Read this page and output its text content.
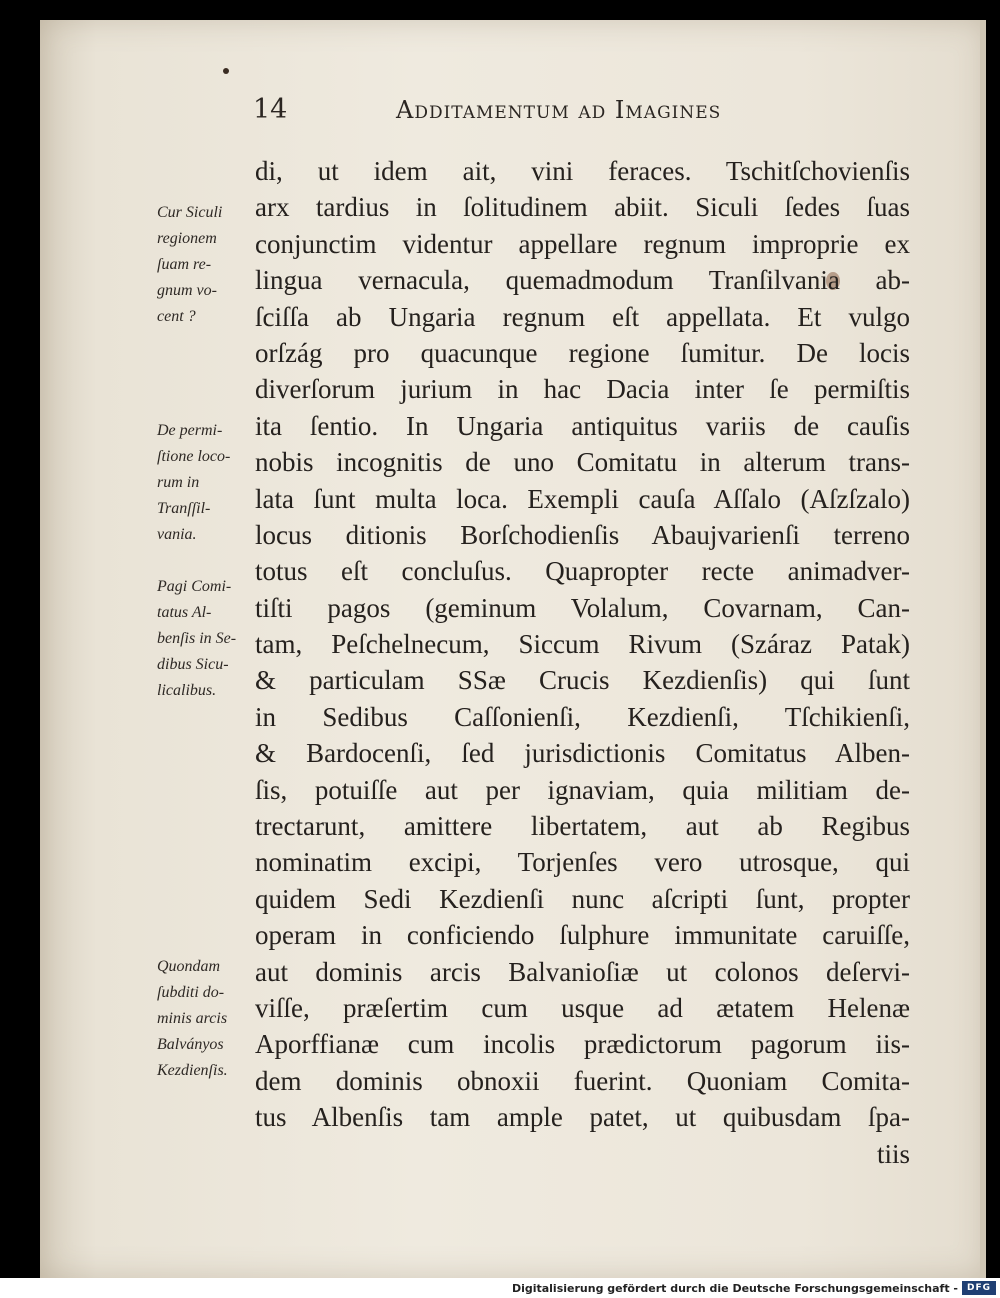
14	Additamentum ad Imagines
Cur Siculi
regionem
ſuam re-
gnum vo-
cent ?
De permi-
ſtione loco-
rum in
Tranſſil-
vania.
Pagi Comi-
tatus Al-
benſis in Se-
dibus Sicu-
licalibus.
Quondam
ſubditi do-
minis arcis
Balványos
Kezdienſis.
di, ut idem ait, vini feraces. Tschitſchovienſis
arx tardius in ſolitudinem abiit. Siculi ſedes ſuas
conjunctim videntur appellare regnum improprie ex
lingua vernacula, quemadmodum Tranſilvania ab-
ſciſſa ab Ungaria regnum eſt appellata. Et vulgo
orſzág pro quacunque regione ſumitur. De locis
diverſorum jurium in hac Dacia inter ſe permiſtis
ita ſentio. In Ungaria antiquitus variis de cauſis
nobis incognitis de uno Comitatu in alterum trans-
lata ſunt multa loca. Exempli cauſa Aſſalo (Aſzſzalo)
locus ditionis Borſchodienſis Abaujvarienſi terreno
totus eſt concluſus. Quapropter recte animadver-
tiſti pagos (geminum Volalum, Covarnam, Can-
tam, Peſchelnecum, Siccum Rivum (Száraz Patak)
& particulam SSæ Crucis Kezdienſis) qui ſunt
in Sedibus Caſſonienſi, Kezdienſi, Tſchikienſi,
& Bardocenſi, ſed jurisdictionis Comitatus Alben-
ſis, potuiſſe aut per ignaviam, quia militiam de-
trectarunt, amittere libertatem, aut ab Regibus
nominatim excipi, Torjenſes vero utrosque, qui
quidem Sedi Kezdienſi nunc aſcripti ſunt, propter
operam in conficiendo ſulphure immunitate caruiſſe,
aut dominis arcis Balvanioſiæ ut colonos deſervi-
viſſe, præſertim cum usque ad ætatem Helenæ
Aporffianæ cum incolis prædictorum pagorum iis-
dem dominis obnoxii fuerint. Quoniam Comita-
tus Albenſis tam ample patet, ut quibusdam ſpa-
tiis
Digitalisierung gefördert durch die Deutsche Forschungsgemeinschaft - DFG
